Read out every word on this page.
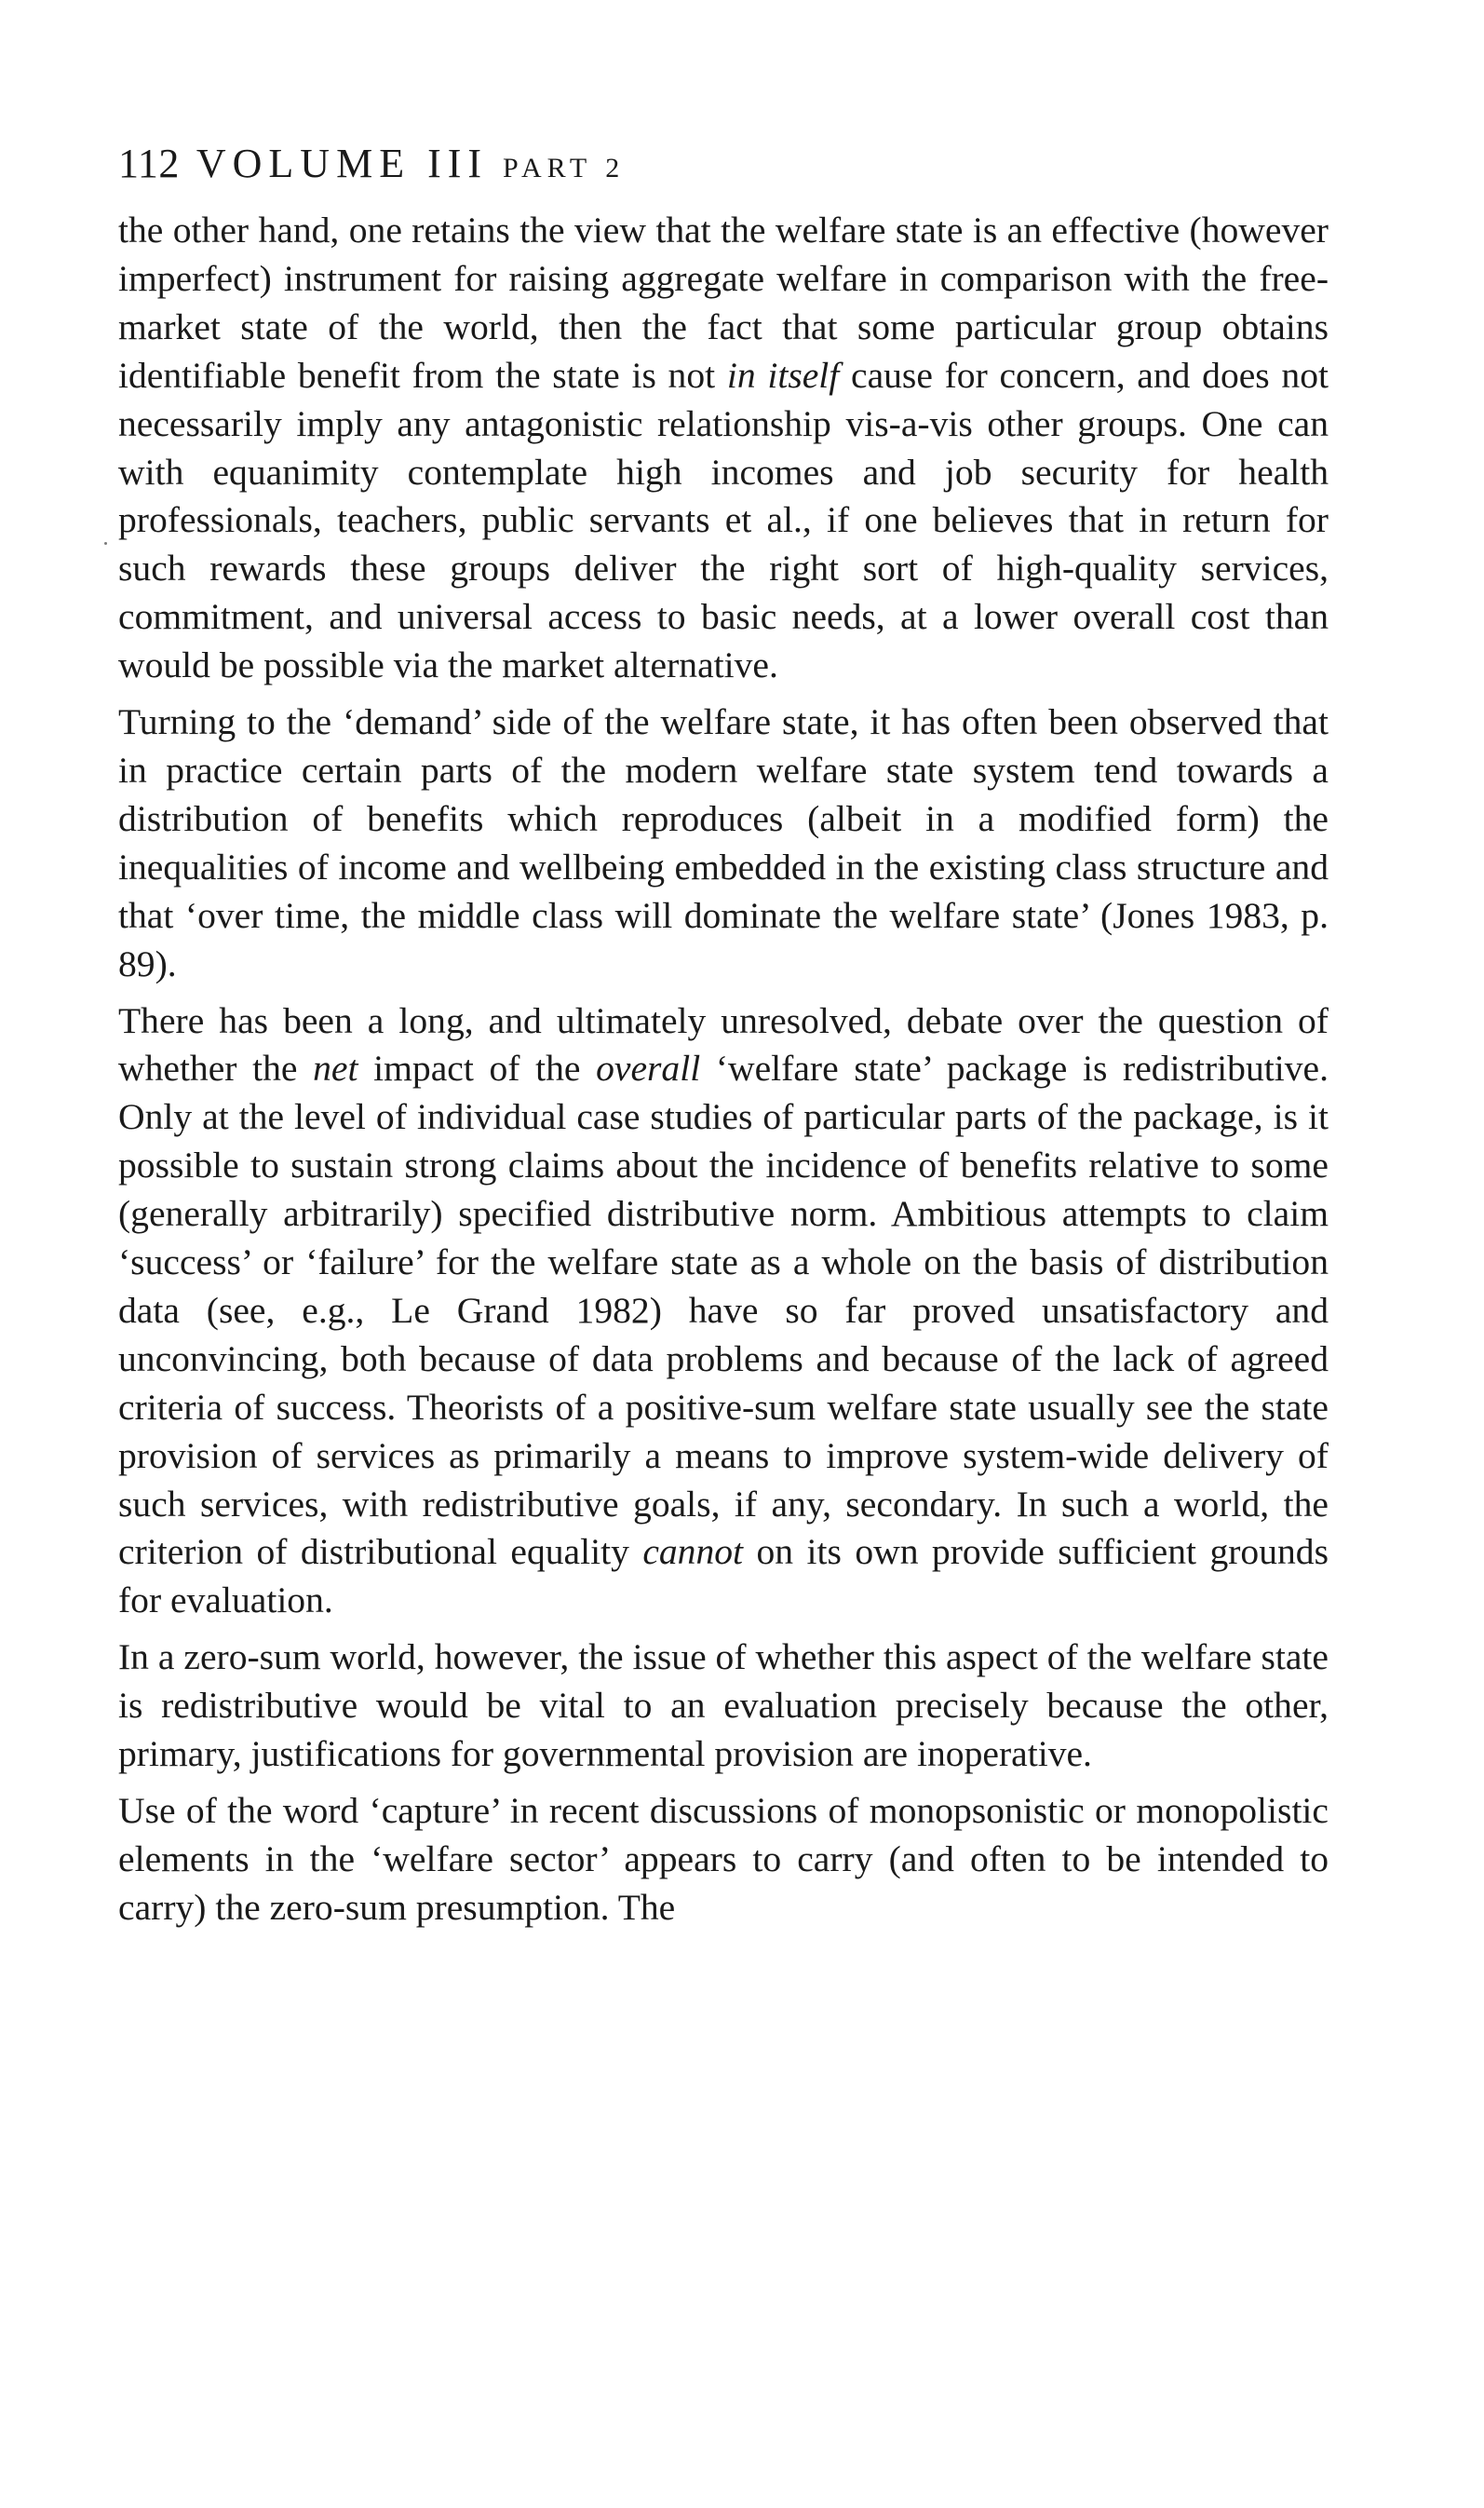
112 VOLUME III PART 2

the other hand, one retains the view that the welfare state is an effective (however imperfect) instrument for raising aggregate welfare in comparison with the free-market state of the world, then the fact that some particular group obtains identifiable benefit from the state is not in itself cause for concern, and does not necessarily imply any antagonistic relationship vis-a-vis other groups. One can with equanimity contemplate high incomes and job security for health professionals, teachers, public servants et al., if one believes that in return for such rewards these groups deliver the right sort of high-quality services, commitment, and universal access to basic needs, at a lower overall cost than would be possible via the market alternative.

Turning to the ‘demand’ side of the welfare state, it has often been observed that in practice certain parts of the modern welfare state system tend towards a distribution of benefits which reproduces (albeit in a modified form) the inequalities of income and wellbeing embedded in the existing class structure and that ‘over time, the middle class will dominate the welfare state’ (Jones 1983, p. 89).

There has been a long, and ultimately unresolved, debate over the question of whether the net impact of the overall ‘welfare state’ package is redistributive. Only at the level of individual case studies of particular parts of the package, is it possible to sustain strong claims about the incidence of benefits relative to some (generally arbitrarily) specified distributive norm. Ambitious attempts to claim ‘success’ or ‘failure’ for the welfare state as a whole on the basis of distribution data (see, e.g., Le Grand 1982) have so far proved unsatisfactory and unconvincing, both because of data problems and because of the lack of agreed criteria of success. Theorists of a positive-sum welfare state usually see the state provision of services as primarily a means to improve system-wide delivery of such services, with redistributive goals, if any, secondary. In such a world, the criterion of distributional equality cannot on its own provide sufficient grounds for evaluation.

In a zero-sum world, however, the issue of whether this aspect of the welfare state is redistributive would be vital to an evaluation precisely because the other, primary, justifications for governmental provision are inoperative.

Use of the word ‘capture’ in recent discussions of monopsonistic or monopolistic elements in the ‘welfare sector’ appears to carry (and often to be intended to carry) the zero-sum presumption. The
